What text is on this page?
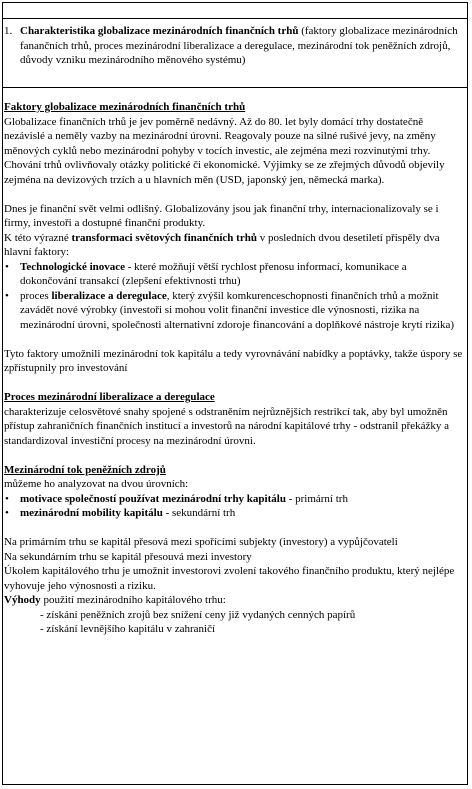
1. Charakteristika globalizace mezinárodních finančních trhů (faktory globalizace mezinárodních fanančních trhů, proces mezinárodní liberalizace a deregulace, mezinárodní tok peněžních zdrojů, důvody vzniku mezinárodního měnového systému)

Faktory globalizace mezinárodních finančních trhů

Globalizace finančních trhů je jev poměrně nedávný. Až do 80. let byly domácí trhy dostatečně nezávislé a neměly vazby na mezinárodní úrovni. Reagovaly pouze na silné rušivé jevy, na změny měnových cyklů nebo mezinárodní pohyby v tocích investic, ale zejména mezi rozvinutými trhy. Chování trhů ovlivňovaly otázky politické či ekonomické. Výjimky se ze zřejmých důvodů objevily zejména na devizových trzích a u hlavních měn (USD, japonský jen, německá marka).

Dnes je finanční svět velmi odlišný. Globalizovány jsou jak finanční trhy, internacionalizovaly se i firmy, investoři a dostupné finanční produkty.

K této výrazné transformaci světových finančních trhů v posledních dvou desetiletí přispěly dva hlavní faktory:

• Technologické inovace - které možňují větší rychlost přenosu informací, komunikace a dokončování transakcí (zlepšení efektivnosti trhu)
• proces liberalizace a deregulace, který zvýšil komkurenceschopnosti finančních trhů a možnit zavádět nové výrobky (investoři si mohou volit finanční investice dle výnosnosti, rizika na mezinárodní úrovni, společnosti alternativní zdoroje financování a doplňkové nástroje krytí rizika)

Tyto faktory umožnili mezinárodní tok kapitálu a tedy vyrovnávání nabídky a poptávky, takže úspory se zpřístupnily pro investování

Proces mezinárodní liberalizace a deregulace

charakterizuje celosvětové snahy spojené s odstraněním nejrůznějších restrikcí tak, aby byl umožněn přístup zahraničních finančních institucí a investorů na národní kapitálové trhy - odstranil překážky a standardizoval investiční procesy na mezinárodní úrovni.

Mezinárodní tok peněžních zdrojů

můžeme ho analyzovat na dvou úrovních:

• motivace společností používat mezinárodní trhy kapitálu - primární trh
• mezinárodní mobility kapitálu - sekundární trh

Na primárním trhu se kapitál přesová mezi spořícími subjekty (investory) a vypůjčovateli

Na sekundárním trhu se kapitál přesouvá mezi investory

Úkolem kapitálového trhu je umožnit investorovi zvolení takového finančního produktu, který nejlépe vyhovuje jeho výnosnosti a riziku.

Výhody použití mezinárodního kapitálového trhu:

- získání peněžních zrojů bez snížení ceny již vydaných cenných papírů
- získání levnějšího kapitálu v zahraničí
